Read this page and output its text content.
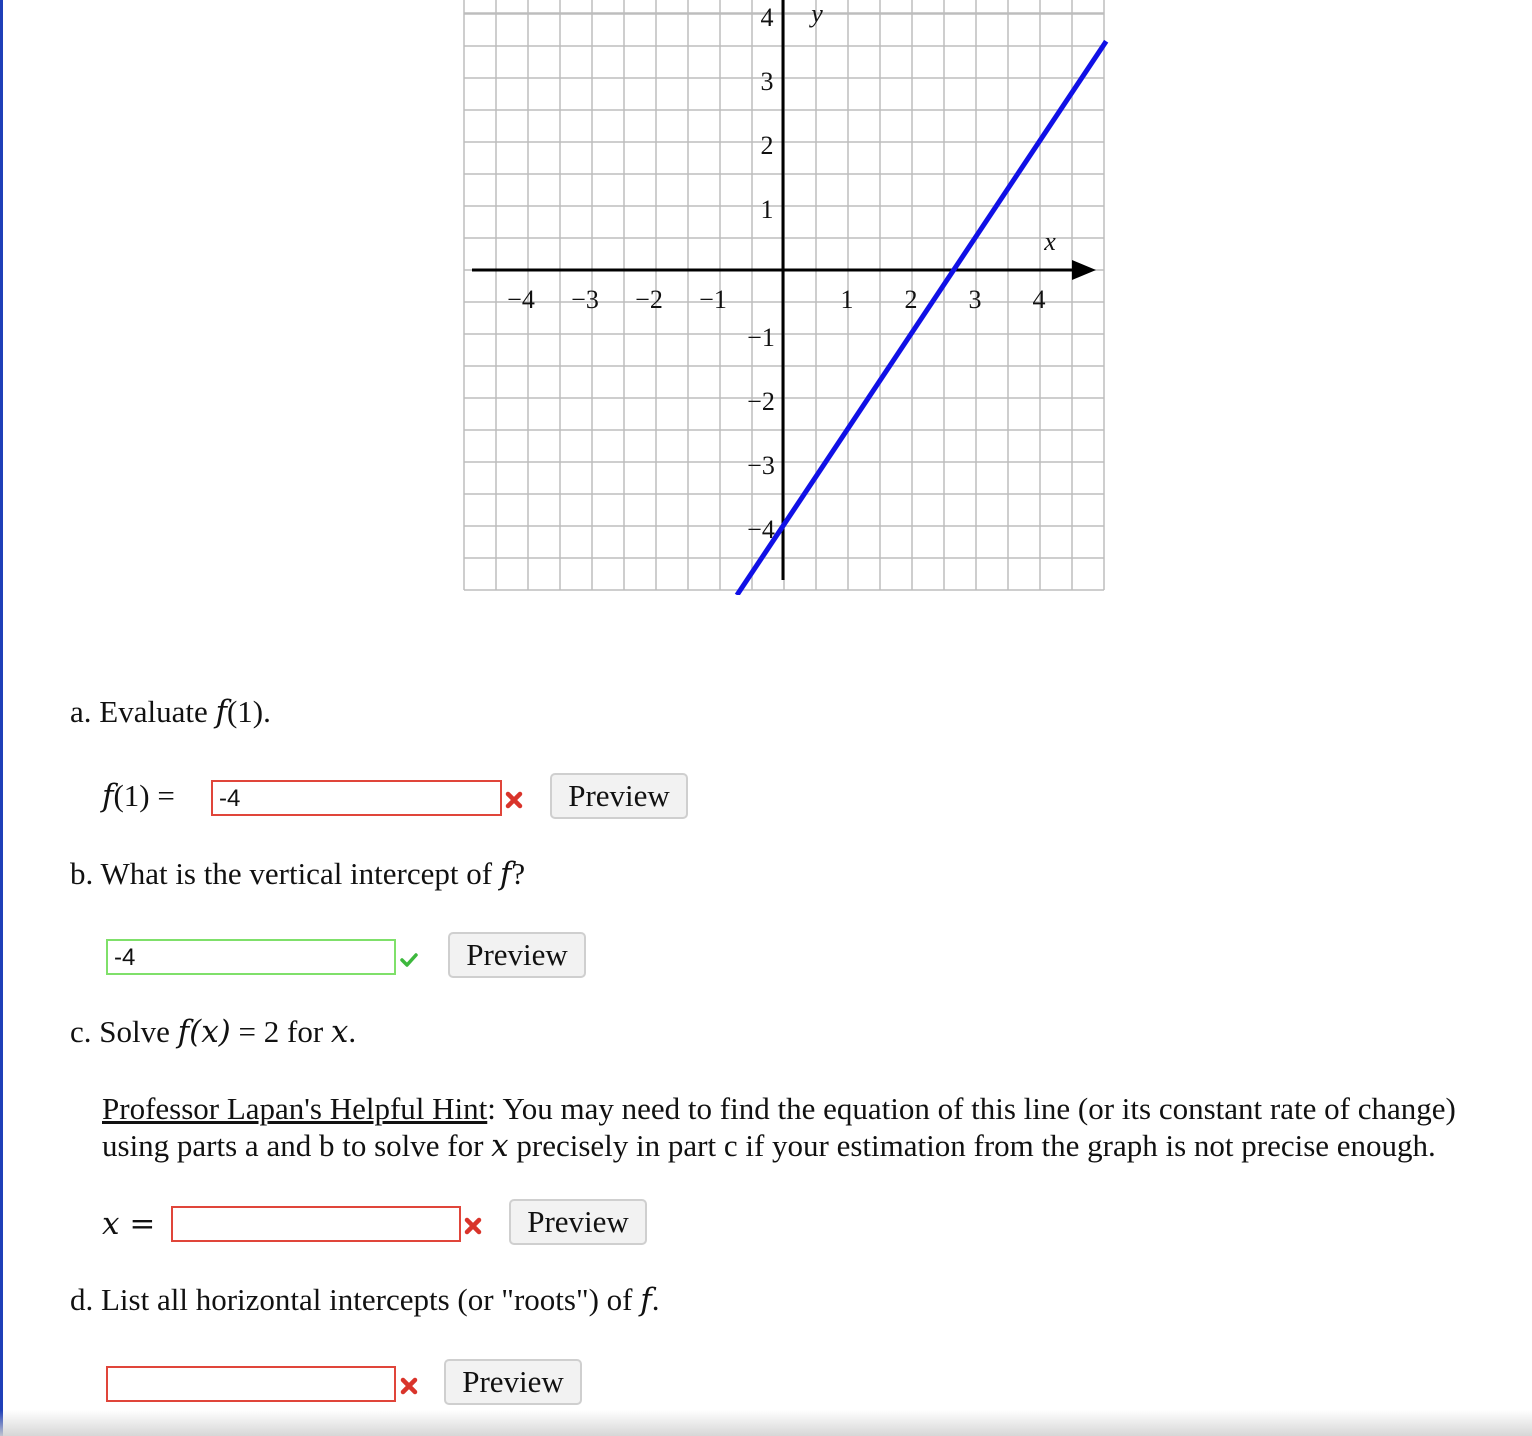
−4 −3 −2 −1	1 2 3 4
4
3
2
1
−1
−2
−3
−4
y
x
a. Evaluate f(1).
f(1) =	-4	Preview
b. What is the vertical intercept of f?
-4	Preview
c. Solve f(x) = 2 for x.
Professor Lapan's Helpful Hint: You may need to find the equation of this line (or its constant rate of change) using parts a and b to solve for x precisely in part c if your estimation from the graph is not precise enough.
x =	Preview
d. List all horizontal intercepts (or "roots") of f.
Preview
